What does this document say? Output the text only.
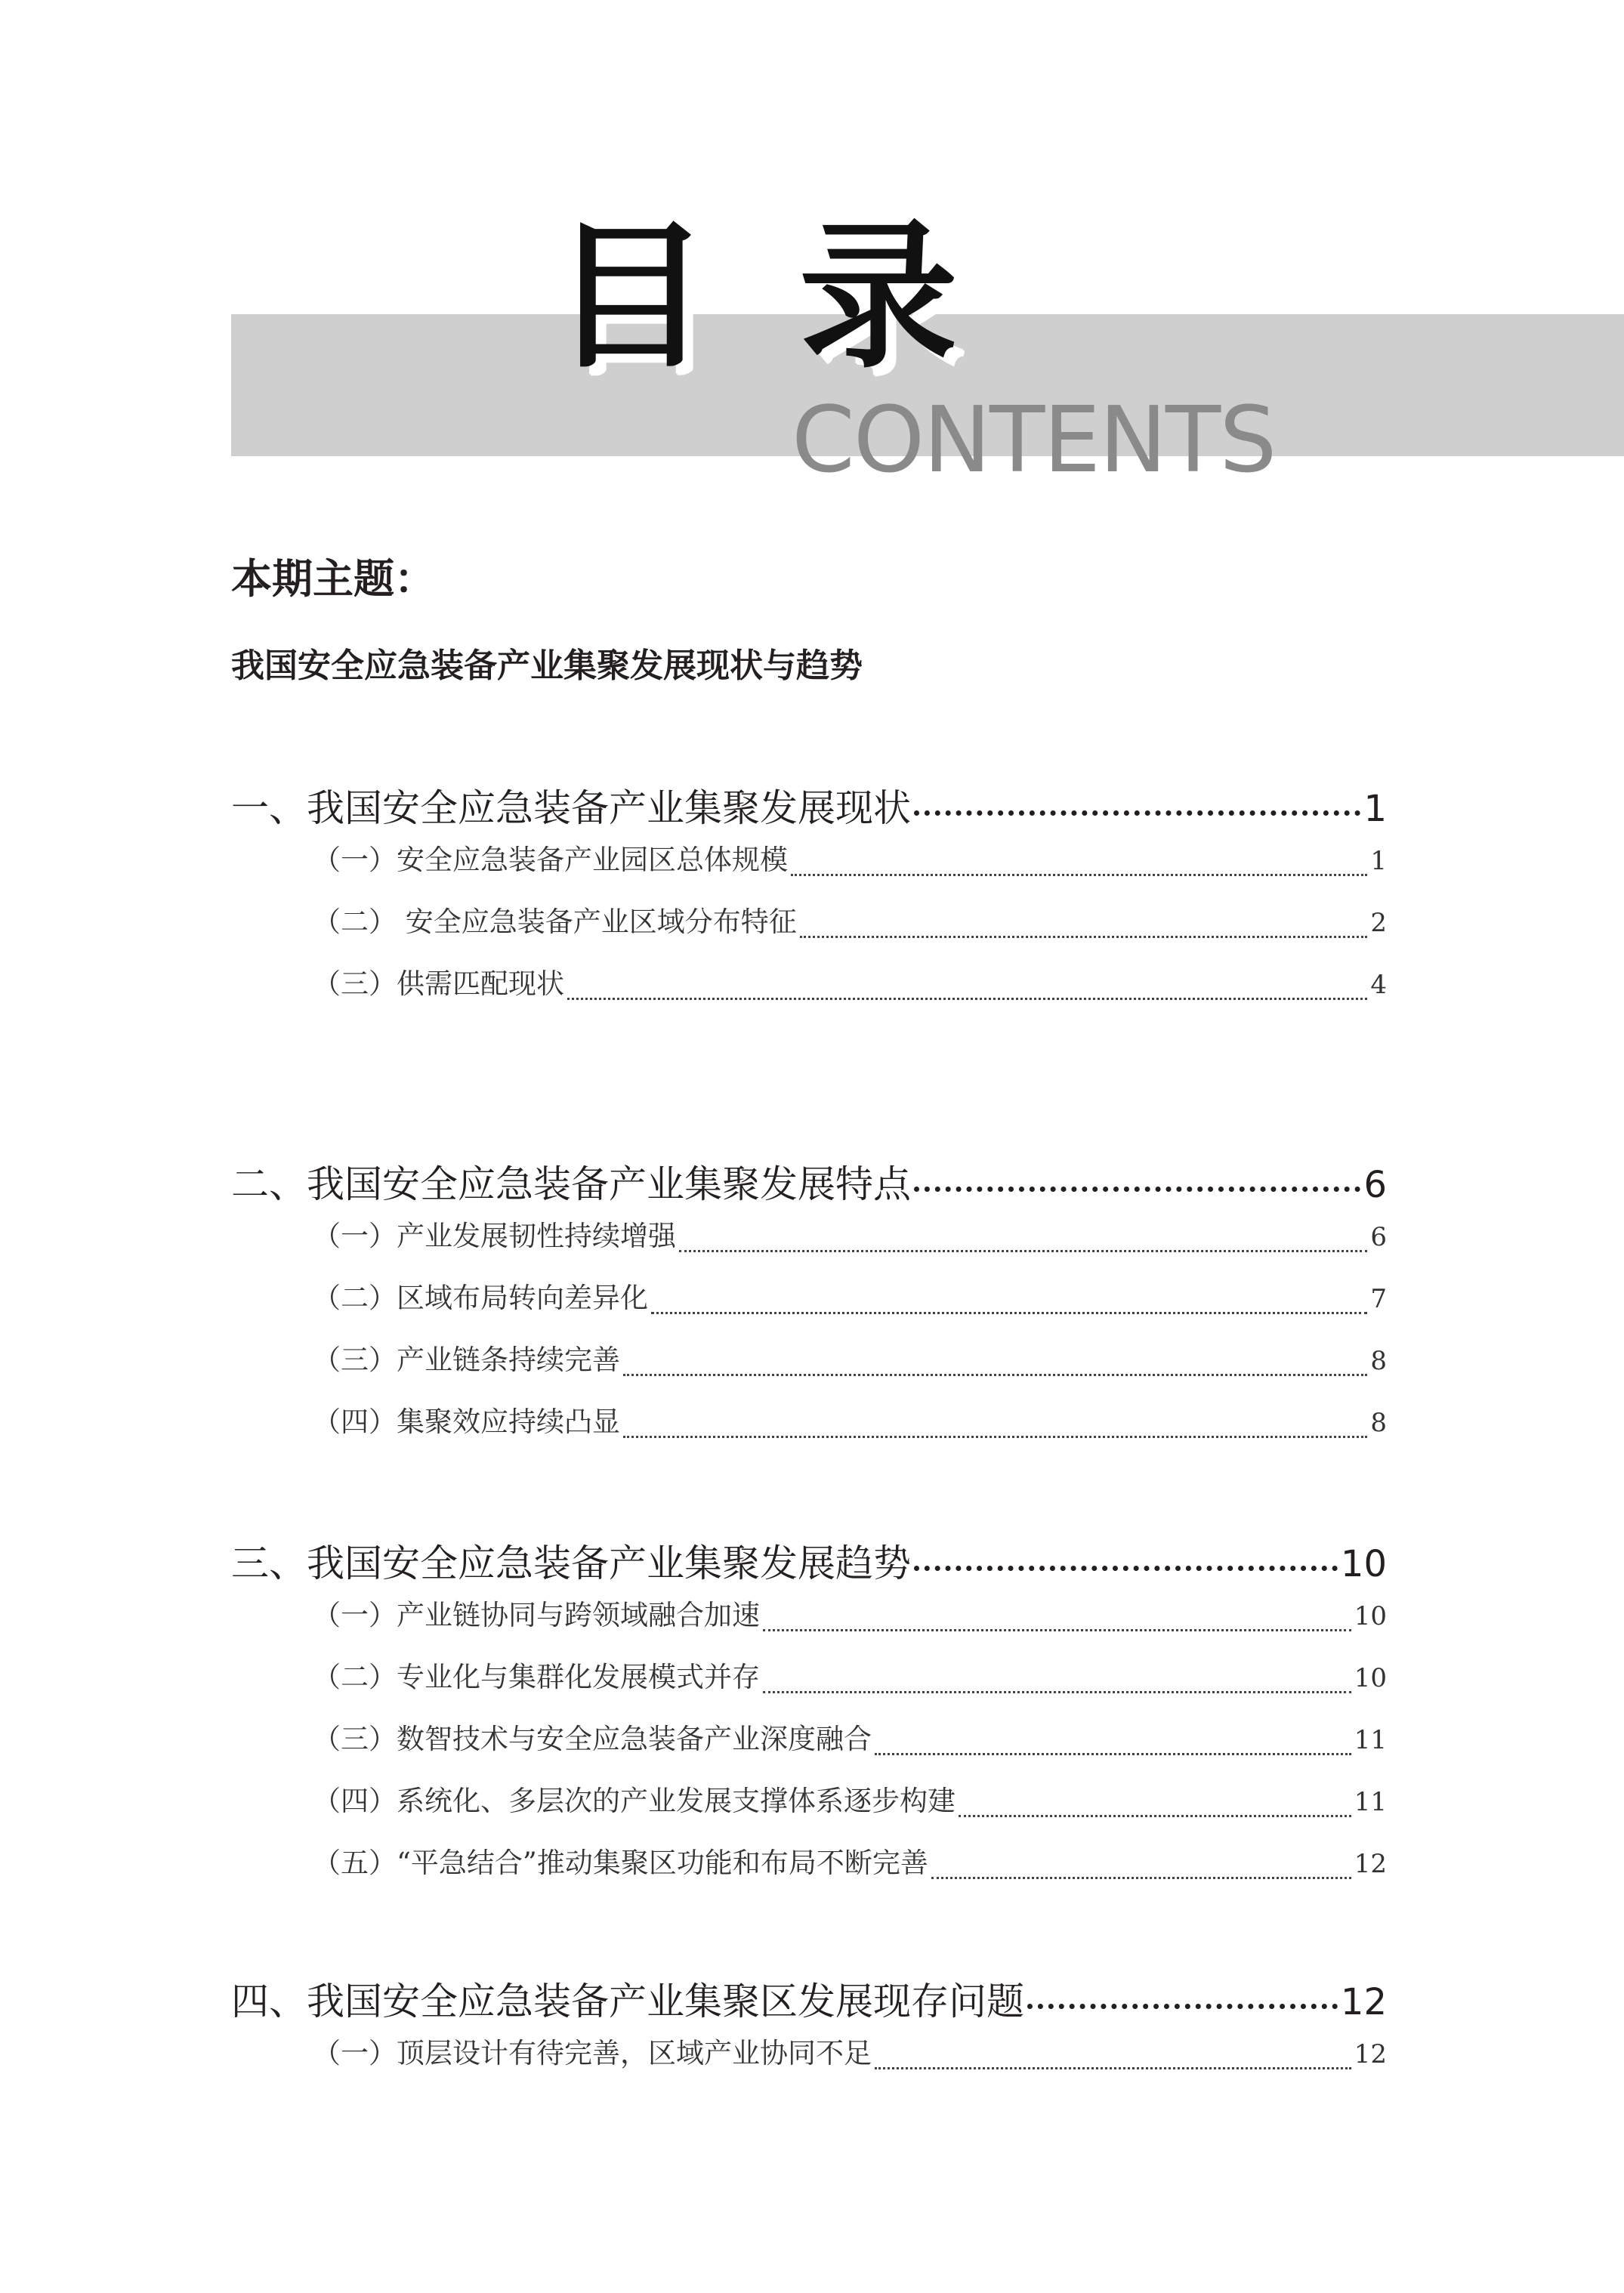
目录
CONTENTS
本期主题：
我国安全应急装备产业集聚发展现状与趋势
一、我国安全应急装备产业集聚发展现状	1
（一）安全应急装备产业园区总体规模	1
（二） 安全应急装备产业区域分布特征	2
（三）供需匹配现状	4
二、我国安全应急装备产业集聚发展特点	6
（一）产业发展韧性持续增强	6
（二）区域布局转向差异化	7
（三）产业链条持续完善	8
（四）集聚效应持续凸显	8
三、我国安全应急装备产业集聚发展趋势	10
（一）产业链协同与跨领域融合加速	10
（二）专业化与集群化发展模式并存	10
（三）数智技术与安全应急装备产业深度融合	11
（四）系统化、多层次的产业发展支撑体系逐步构建	11
（五）“平急结合”推动集聚区功能和布局不断完善	12
四、我国安全应急装备产业集聚区发展现存问题	12
（一）顶层设计有待完善，区域产业协同不足	12
